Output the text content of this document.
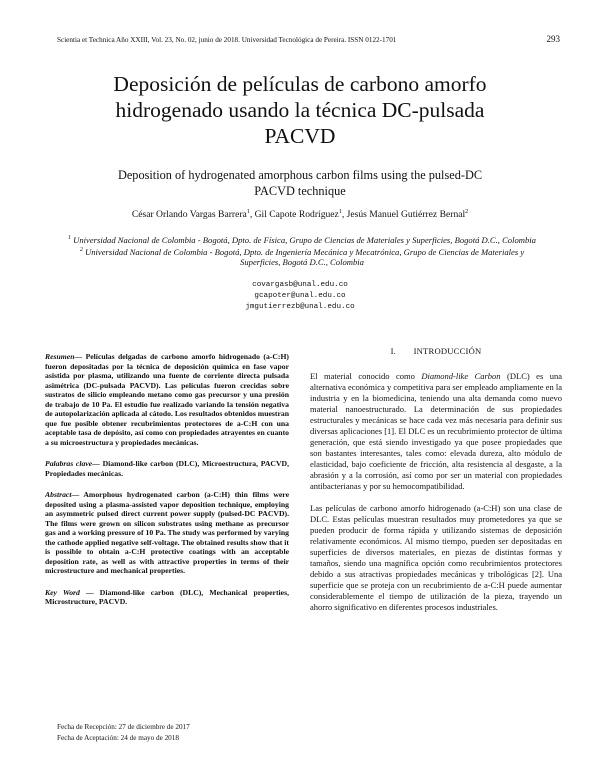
Scientia et Technica Año XXIII, Vol. 23, No. 02, junio de 2018. Universidad Tecnológica de Pereira. ISSN 0122-1701	293
Deposición de películas de carbono amorfo
hidrogenado usando la técnica DC-pulsada
PACVD
Deposition of hydrogenated amorphous carbon films using the pulsed-DC
PACVD technique
César Orlando Vargas Barrera$^1$, Gil Capote Rodríguez$^1$, Jesús Manuel Gutiérrez Bernal$^2$

$^1$ Universidad Nacional de Colombia - Bogotá, Dpto. de Física, Grupo de Ciencias de Materiales y Superficies, Bogotá D.C., Colombia

$^2$ Universidad Nacional de Colombia - Bogotá, Dpto. de Ingeniería Mecánica y Mecatrónica, Grupo de Ciencias de Materiales y Superficies, Bogotá D.C., Colombia

covargasb@unal.edu.co
gcapoter@unal.edu.co
jmgutierrezb@unal.edu.co

Resumen— Películas delgadas de carbono amorfo hidrogenado (a-C:H) fueron depositadas por la técnica de deposición química en fase vapor asistida por plasma, utilizando una fuente de corriente directa pulsada asimétrica (DC-pulsada PACVD). Las películas fueron crecidas sobre sustratos de silicio empleando metano como gas precursor y una presión de trabajo de 10 Pa. El estudio fue realizado variando la tensión negativa de autopolarización aplicada al cátodo. Los resultados obtenidos muestran que fue posible obtener recubrimientos protectores de a-C:H con una aceptable tasa de depósito, así como con propiedades atrayentes en cuanto a su microestructura y propiedades mecánicas.

Palabras clave— Diamond-like carbon (DLC), Microestructura, PACVD, Propiedades mecánicas.

Abstract— Amorphous hydrogenated carbon (a-C:H) thin films were deposited using a plasma-assisted vapor deposition technique, employing an asymmetric pulsed direct current power supply (pulsed-DC PACVD). The films were grown on silicon substrates using methane as precursor gas and a working pressure of 10 Pa. The study was performed by varying the cathode applied negative self-voltage. The obtained results show that it is possible to obtain a-C:H protective coatings with an acceptable deposition rate, as well as with attractive properties in terms of their microstructure and mechanical properties.

Key Word — Diamond-like carbon (DLC), Mechanical properties, Microstructure, PACVD.

I.  INTRODUCCIÓN

El material conocido como Diamond-like Carbon (DLC) es una alternativa económica y competitiva para ser empleado ampliamente en la industria y en la biomedicina, teniendo una alta demanda como nuevo material nanoestructurado. La determinación de sus propiedades estructurales y mecánicas se hace cada vez más necesaria para definir sus diversas aplicaciones [1]. El DLC es un recubrimiento protector de última generación, que está siendo investigado ya que posee propiedades que son bastantes interesantes, tales como: elevada dureza, alto módulo de elasticidad, bajo coeficiente de fricción, alta resistencia al desgaste, a la abrasión y a la corrosión, así como por ser un material con propiedades antibacterianas y por su hemocompatibilidad.

Las películas de carbono amorfo hidrogenado (a-C:H) son una clase de DLC. Estas películas muestran resultados muy prometedores ya que se pueden producir de forma rápida y utilizando sistemas de deposición relativamente económicos. Al mismo tiempo, pueden ser depositadas en superficies de diversos materiales, en piezas de distintas formas y tamaños, siendo una magnífica opción como recubrimientos protectores debido a sus atractivas propiedades mecánicas y tribológicas [2]. Una superficie que se proteja con un recubrimiento de a-C:H puede aumentar considerablemente el tiempo de utilización de la pieza, trayendo un ahorro significativo en diferentes procesos industriales.

Fecha de Recepción: 27 de diciembre de 2017
Fecha de Aceptación: 24 de mayo de 2018
